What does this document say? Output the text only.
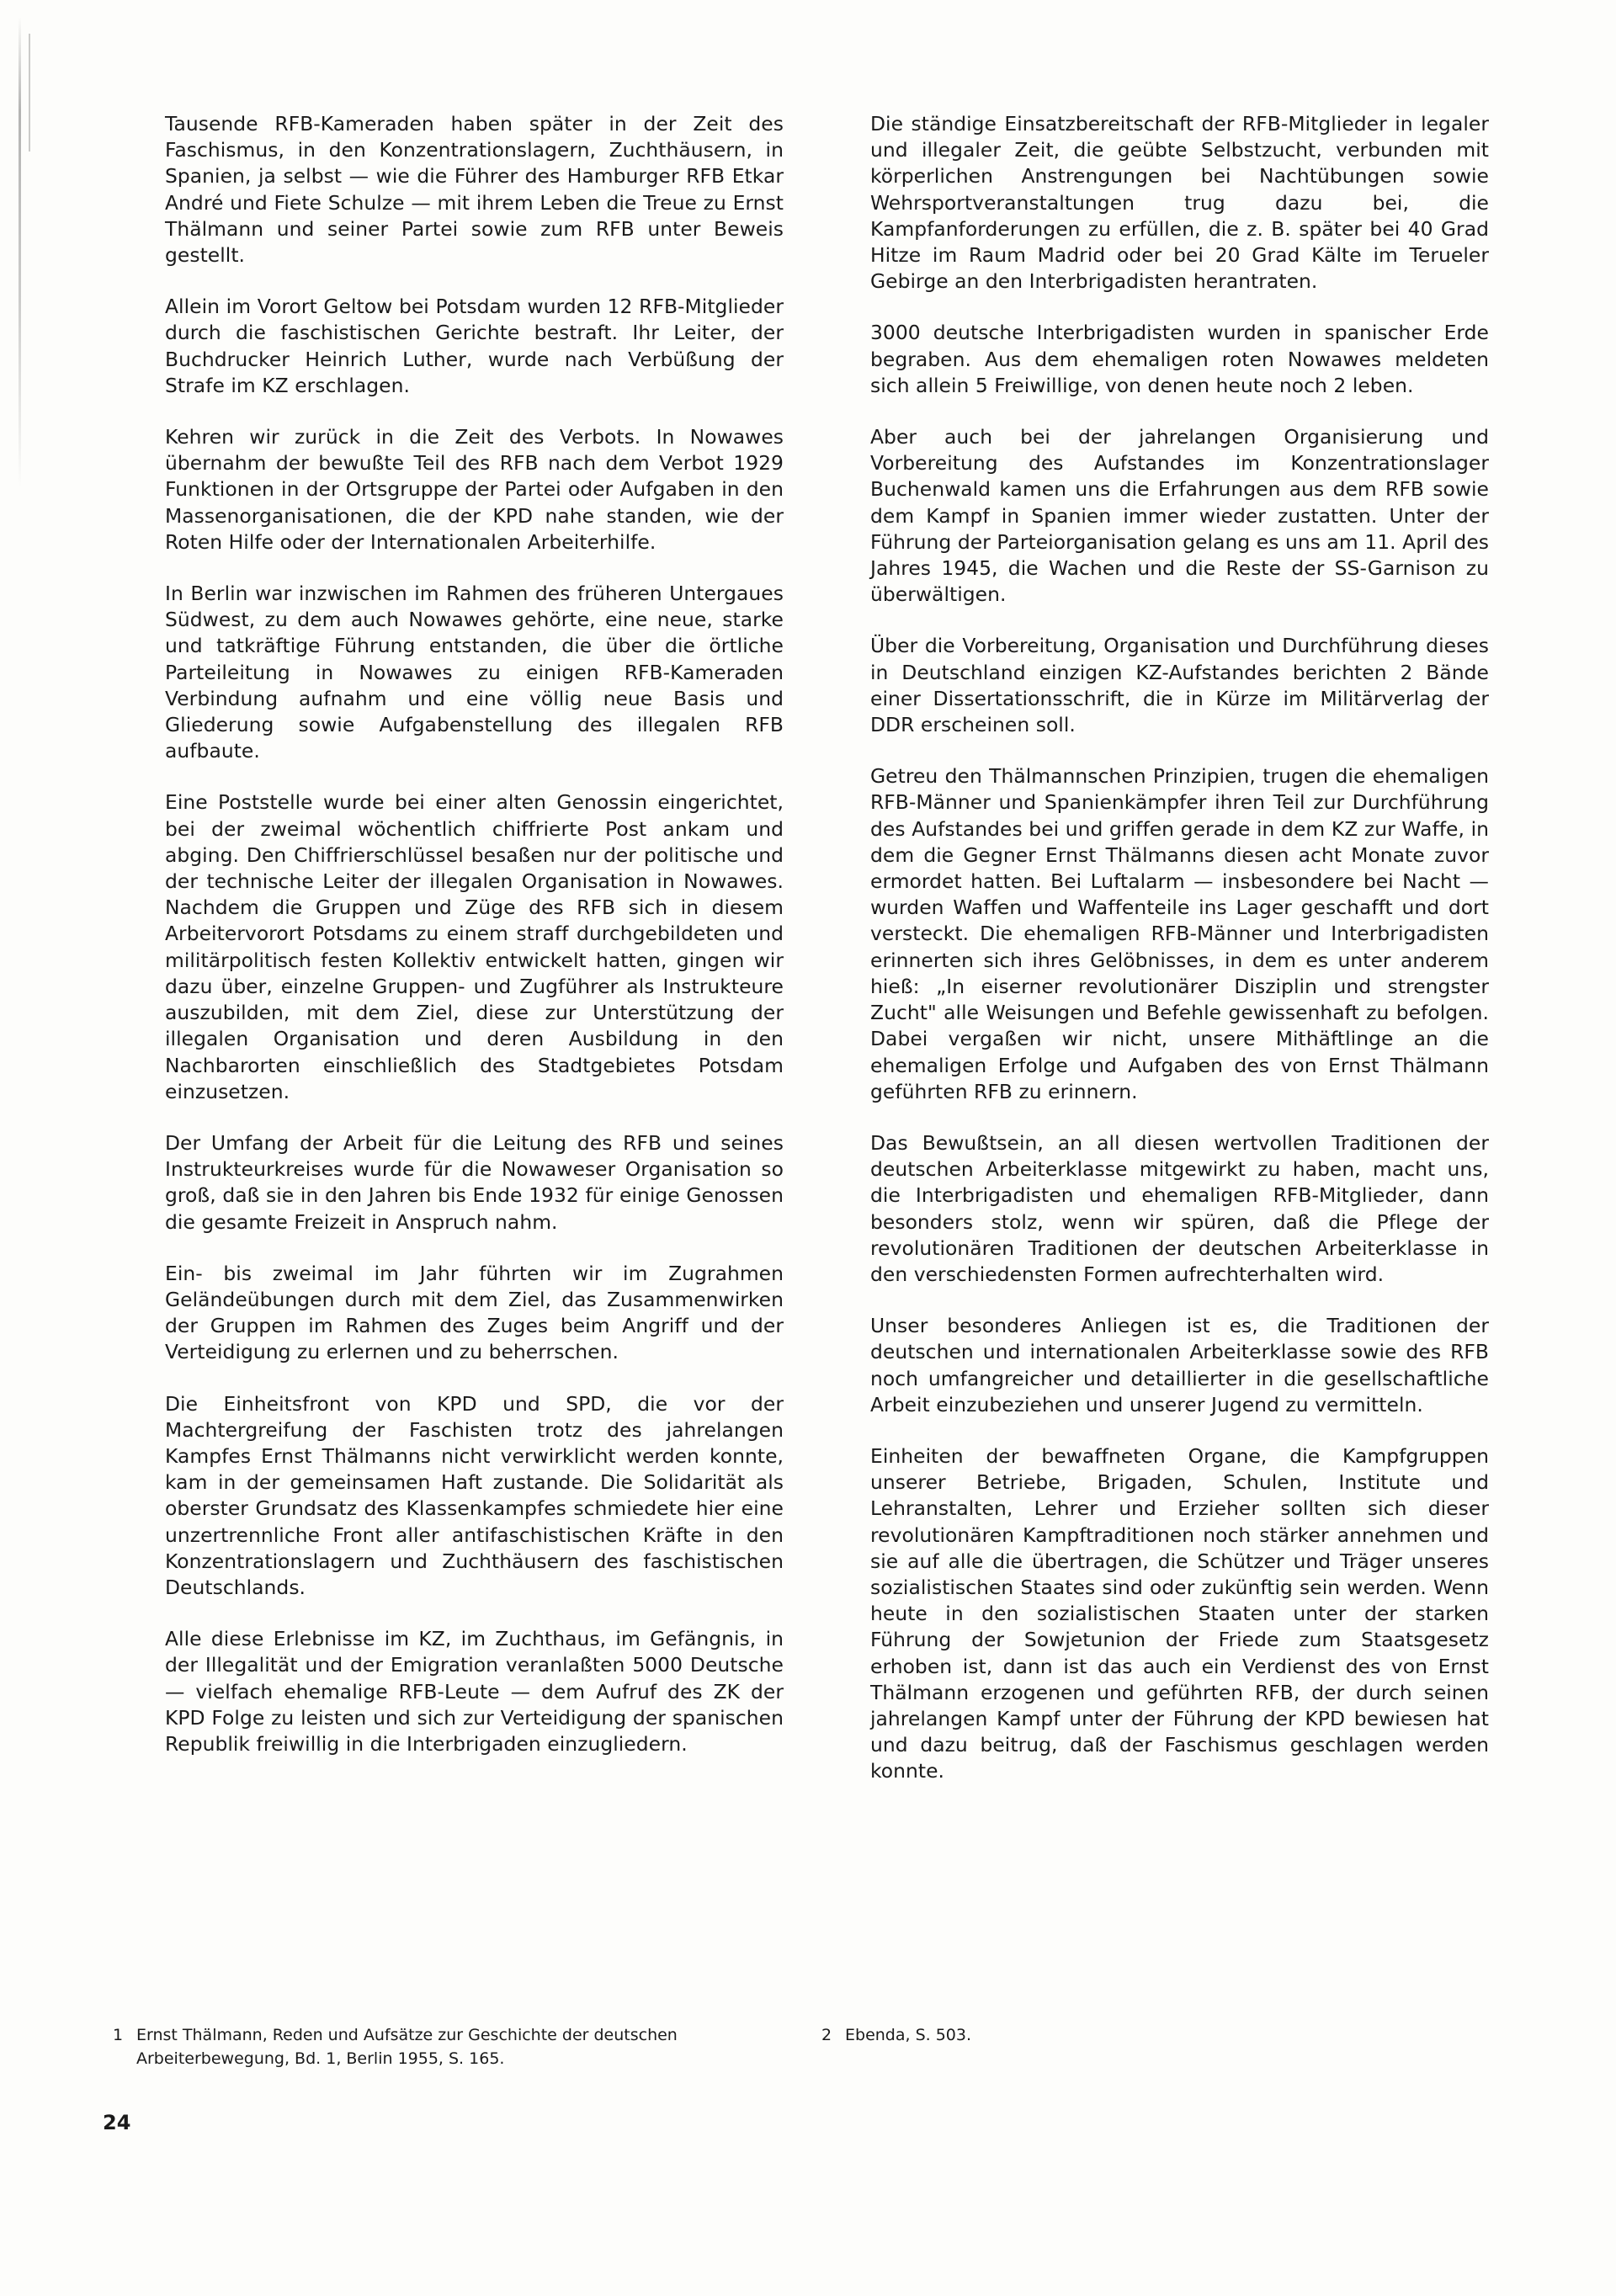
Tausende RFB-Kameraden haben später in der Zeit des Faschismus, in den Konzentrationslagern, Zuchthäusern, in Spanien, ja selbst — wie die Führer des Hamburger RFB Etkar André und Fiete Schulze — mit ihrem Leben die Treue zu Ernst Thälmann und seiner Partei sowie zum RFB unter Beweis gestellt.

Allein im Vorort Geltow bei Potsdam wurden 12 RFB-Mitglieder durch die faschistischen Gerichte bestraft. Ihr Leiter, der Buchdrucker Heinrich Luther, wurde nach Verbüßung der Strafe im KZ erschlagen.

Kehren wir zurück in die Zeit des Verbots. In Nowawes übernahm der bewußte Teil des RFB nach dem Verbot 1929 Funktionen in der Ortsgruppe der Partei oder Aufgaben in den Massenorganisationen, die der KPD nahe standen, wie der Roten Hilfe oder der Internationalen Arbeiterhilfe.

In Berlin war inzwischen im Rahmen des früheren Untergaues Südwest, zu dem auch Nowawes gehörte, eine neue, starke und tatkräftige Führung entstanden, die über die örtliche Parteileitung in Nowawes zu einigen RFB-Kameraden Verbindung aufnahm und eine völlig neue Basis und Gliederung sowie Aufgabenstellung des illegalen RFB aufbaute.

Eine Poststelle wurde bei einer alten Genossin eingerichtet, bei der zweimal wöchentlich chiffrierte Post ankam und abging. Den Chiffrierschlüssel besaßen nur der politische und der technische Leiter der illegalen Organisation in Nowawes. Nachdem die Gruppen und Züge des RFB sich in diesem Arbeitervorort Potsdams zu einem straff durchgebildeten und militärpolitisch festen Kollektiv entwickelt hatten, gingen wir dazu über, einzelne Gruppen- und Zugführer als Instrukteure auszubilden, mit dem Ziel, diese zur Unterstützung der illegalen Organisation und deren Ausbildung in den Nachbarorten einschließlich des Stadtgebietes Potsdam einzusetzen.

Der Umfang der Arbeit für die Leitung des RFB und seines Instrukteurkreises wurde für die Nowaweser Organisation so groß, daß sie in den Jahren bis Ende 1932 für einige Genossen die gesamte Freizeit in Anspruch nahm.

Ein- bis zweimal im Jahr führten wir im Zugrahmen Geländeübungen durch mit dem Ziel, das Zusammenwirken der Gruppen im Rahmen des Zuges beim Angriff und der Verteidigung zu erlernen und zu beherrschen.

Die Einheitsfront von KPD und SPD, die vor der Machtergreifung der Faschisten trotz des jahrelangen Kampfes Ernst Thälmanns nicht verwirklicht werden konnte, kam in der gemeinsamen Haft zustande. Die Solidarität als oberster Grundsatz des Klassenkampfes schmiedete hier eine unzertrennliche Front aller antifaschistischen Kräfte in den Konzentrationslagern und Zuchthäusern des faschistischen Deutschlands.

Alle diese Erlebnisse im KZ, im Zuchthaus, im Gefängnis, in der Illegalität und der Emigration veranlaßten 5000 Deutsche — vielfach ehemalige RFB-Leute — dem Aufruf des ZK der KPD Folge zu leisten und sich zur Verteidigung der spanischen Republik freiwillig in die Interbrigaden einzugliedern.

Die ständige Einsatzbereitschaft der RFB-Mitglieder in legaler und illegaler Zeit, die geübte Selbstzucht, verbunden mit körperlichen Anstrengungen bei Nachtübungen sowie Wehrsportveranstaltungen trug dazu bei, die Kampfanforderungen zu erfüllen, die z. B. später bei 40 Grad Hitze im Raum Madrid oder bei 20 Grad Kälte im Terueler Gebirge an den Interbrigadisten herantraten.

3000 deutsche Interbrigadisten wurden in spanischer Erde begraben. Aus dem ehemaligen roten Nowawes meldeten sich allein 5 Freiwillige, von denen heute noch 2 leben.

Aber auch bei der jahrelangen Organisierung und Vorbereitung des Aufstandes im Konzentrationslager Buchenwald kamen uns die Erfahrungen aus dem RFB sowie dem Kampf in Spanien immer wieder zustatten. Unter der Führung der Parteiorganisation gelang es uns am 11. April des Jahres 1945, die Wachen und die Reste der SS-Garnison zu überwältigen.

Über die Vorbereitung, Organisation und Durchführung dieses in Deutschland einzigen KZ-Aufstandes berichten 2 Bände einer Dissertationsschrift, die in Kürze im Militärverlag der DDR erscheinen soll.

Getreu den Thälmannschen Prinzipien, trugen die ehemaligen RFB-Männer und Spanienkämpfer ihren Teil zur Durchführung des Aufstandes bei und griffen gerade in dem KZ zur Waffe, in dem die Gegner Ernst Thälmanns diesen acht Monate zuvor ermordet hatten. Bei Luftalarm — insbesondere bei Nacht — wurden Waffen und Waffenteile ins Lager geschafft und dort versteckt. Die ehemaligen RFB-Männer und Interbrigadisten erinnerten sich ihres Gelöbnisses, in dem es unter anderem hieß: „In eiserner revolutionärer Disziplin und strengster Zucht" alle Weisungen und Befehle gewissenhaft zu befolgen. Dabei vergaßen wir nicht, unsere Mithäftlinge an die ehemaligen Erfolge und Aufgaben des von Ernst Thälmann geführten RFB zu erinnern.

Das Bewußtsein, an all diesen wertvollen Traditionen der deutschen Arbeiterklasse mitgewirkt zu haben, macht uns, die Interbrigadisten und ehemaligen RFB-Mitglieder, dann besonders stolz, wenn wir spüren, daß die Pflege der revolutionären Traditionen der deutschen Arbeiterklasse in den verschiedensten Formen aufrechterhalten wird.

Unser besonderes Anliegen ist es, die Traditionen der deutschen und internationalen Arbeiterklasse sowie des RFB noch umfangreicher und detaillierter in die gesellschaftliche Arbeit einzubeziehen und unserer Jugend zu vermitteln.

Einheiten der bewaffneten Organe, die Kampfgruppen unserer Betriebe, Brigaden, Schulen, Institute und Lehranstalten, Lehrer und Erzieher sollten sich dieser revolutionären Kampftraditionen noch stärker annehmen und sie auf alle die übertragen, die Schützer und Träger unseres sozialistischen Staates sind oder zukünftig sein werden. Wenn heute in den sozialistischen Staaten unter der starken Führung der Sowjetunion der Friede zum Staatsgesetz erhoben ist, dann ist das auch ein Verdienst des von Ernst Thälmann erzogenen und geführten RFB, der durch seinen jahrelangen Kampf unter der Führung der KPD bewiesen hat und dazu beitrug, daß der Faschismus geschlagen werden konnte.

1 Ernst Thälmann, Reden und Aufsätze zur Geschichte der deutschen
Arbeiterbewegung, Bd. 1, Berlin 1955, S. 165.
2 Ebenda, S. 503.
24
